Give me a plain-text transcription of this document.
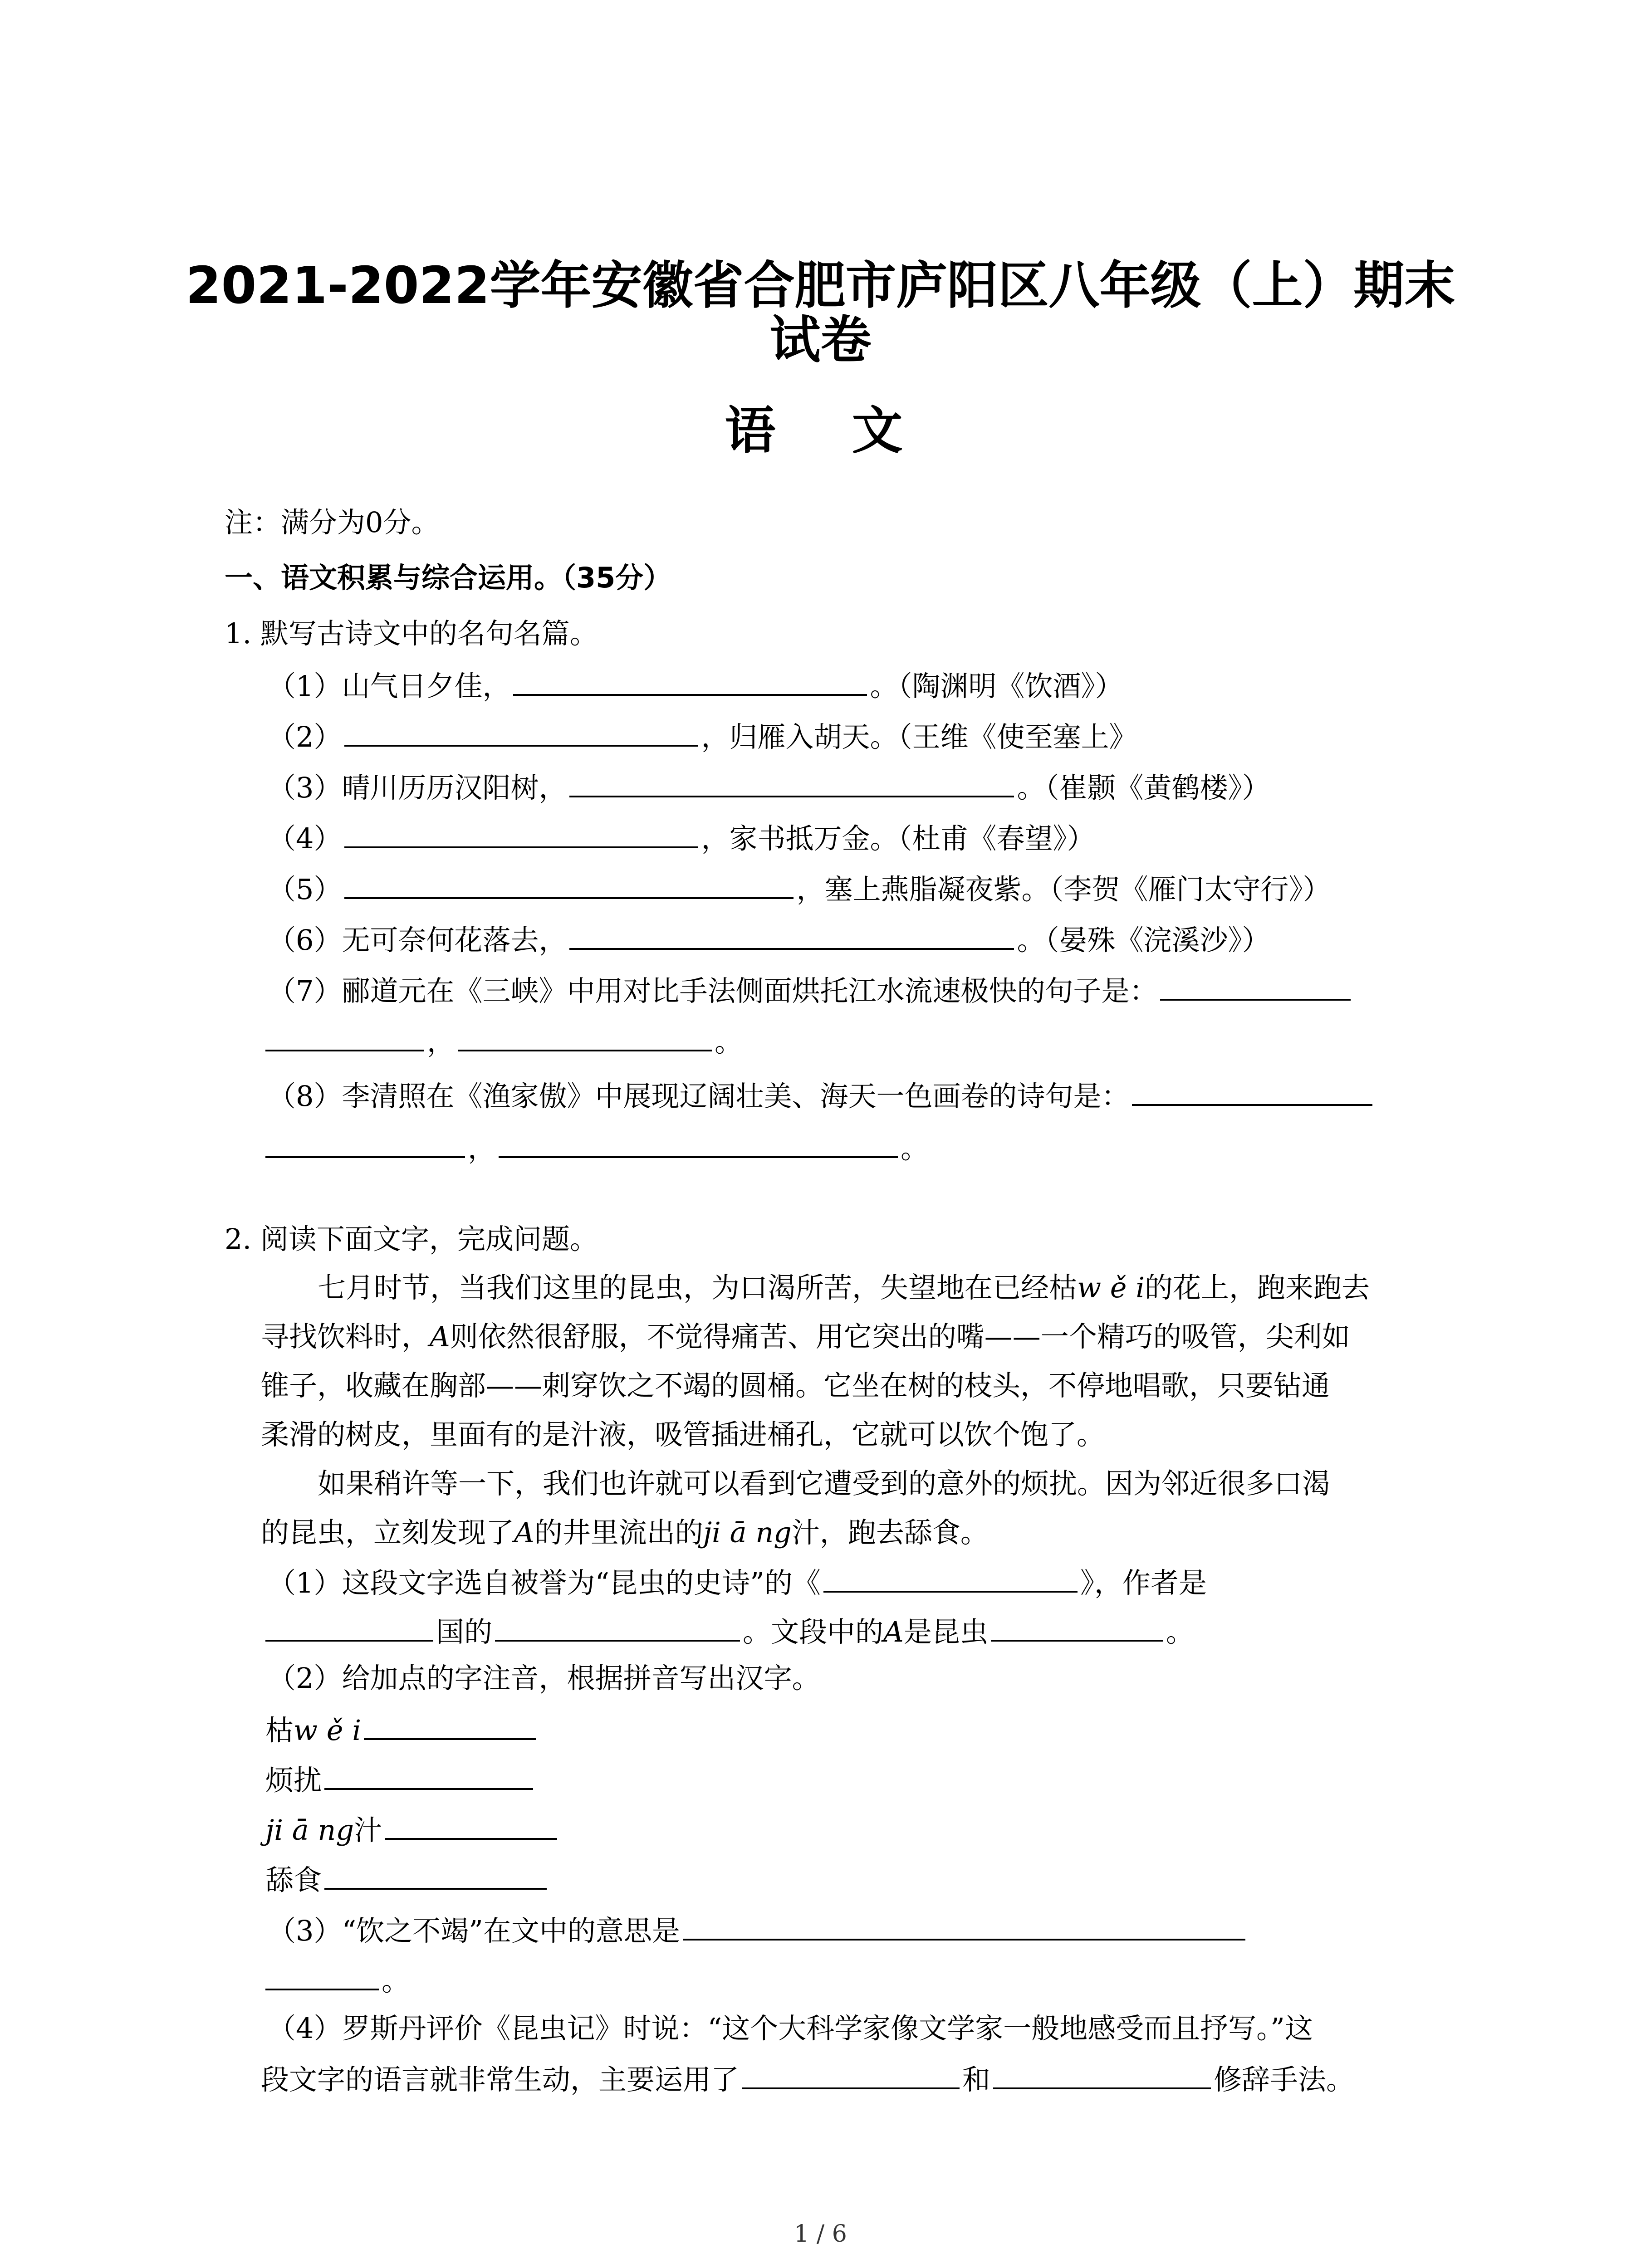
2021-2022学年安徽省合肥市庐阳区八年级（上）期末
试卷
语  文
注：满分为0分。
一、语文积累与综合运用。（35分）
1. 默写古诗文中的名句名篇。
（1）山气日夕佳，	。（陶渊明《饮酒》）
（2）	，归雁入胡天。（王维《使至塞上》
（3）晴川历历汉阳树，	。（崔颢《黄鹤楼》）
（4）	，家书抵万金。（杜甫《春望》）
（5）	，塞上燕脂凝夜紫。（李贺《雁门太守行》）
（6）无可奈何花落去，	。（晏殊《浣溪沙》）
（7）郦道元在《三峡》中用对比手法侧面烘托江水流速极快的句子是：
，	。
（8）李清照在《渔家傲》中展现辽阔壮美、海天一色画卷的诗句是：
，	。
2. 阅读下面文字，完成问题。
七月时节，当我们这里的昆虫，为口渴所苦，失望地在已经枯w ě i的花上，跑来跑去
寻找饮料时，A则依然很舒服，不觉得痛苦、用它突出的嘴——一个精巧的吸管，尖利如
锥子，收藏在胸部——刺穿饮之不竭的圆桶。它坐在树的枝头，不停地唱歌，只要钻通
柔滑的树皮，里面有的是汁液，吸管插进桶孔，它就可以饮个饱了。
如果稍许等一下，我们也许就可以看到它遭受到的意外的烦扰。因为邻近很多口渴
的昆虫，立刻发现了A的井里流出的ji ā ng汁，跑去舔食。
（1）这段文字选自被誉为“昆虫的史诗”的《	》，作者是
国的	。文段中的A是昆虫	。
（2）给加点的字注音，根据拼音写出汉字。
枯w ě i
烦扰
ji ā ng汁
舔食
（3）“饮之不竭”在文中的意思是
。
（4）罗斯丹评价《昆虫记》时说：“这个大科学家像文学家一般地感受而且抒写。”这
段文字的语言就非常生动，主要运用了	和	修辞手法。
1 / 6
